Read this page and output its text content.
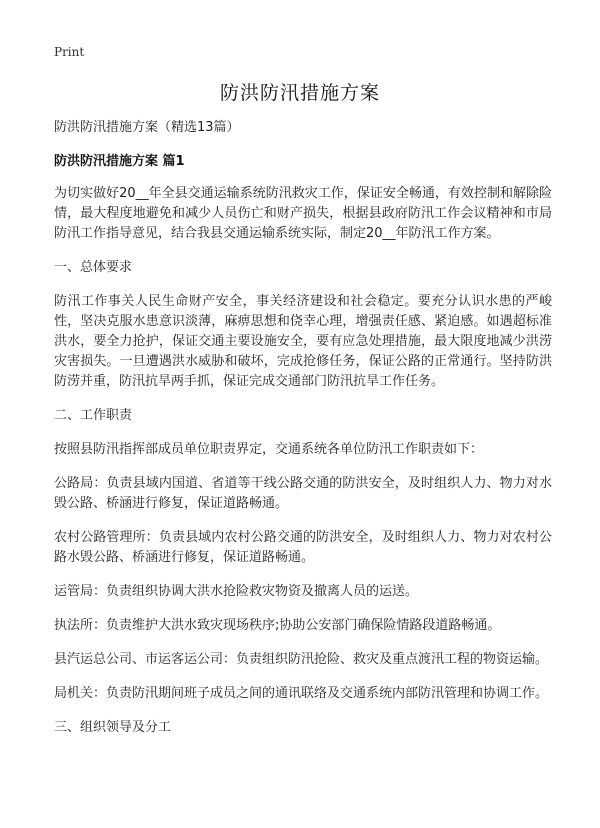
Print
防洪防汛措施方案

防洪防汛措施方案（精选13篇）

防洪防汛措施方案 篇1

为切实做好20__年全县交通运输系统防汛救灾工作，保证安全畅通，有效控制和解除险情，最大程度地避免和减少人员伤亡和财产损失，根据县政府防汛工作会议精神和市局防汛工作指导意见，结合我县交通运输系统实际，制定20__年防汛工作方案。

一、总体要求

防汛工作事关人民生命财产安全，事关经济建设和社会稳定。要充分认识水患的严峻性，坚决克服水患意识淡薄，麻痹思想和侥幸心理，增强责任感、紧迫感。如遇超标准洪水，要全力抢护，保证交通主要设施安全，要有应急处理措施，最大限度地减少洪涝灾害损失。一旦遭遇洪水威胁和破坏，完成抢修任务，保证公路的正常通行。坚持防洪防涝并重，防汛抗旱两手抓，保证完成交通部门防汛抗旱工作任务。

二、工作职责

按照县防汛指挥部成员单位职责界定，交通系统各单位防汛工作职责如下：

公路局：负责县域内国道、省道等干线公路交通的防洪安全，及时组织人力、物力对水毁公路、桥涵进行修复，保证道路畅通。

农村公路管理所：负责县域内农村公路交通的防洪安全，及时组织人力、物力对农村公路水毁公路、桥涵进行修复，保证道路畅通。

运管局：负责组织协调大洪水抢险救灾物资及撤离人员的运送。

执法所：负责维护大洪水致灾现场秩序;协助公安部门确保险情路段道路畅通。

县汽运总公司、市运客运公司：负责组织防汛抢险、救灾及重点渡汛工程的物资运输。

局机关：负责防汛期间班子成员之间的通讯联络及交通系统内部防汛管理和协调工作。

三、组织领导及分工
